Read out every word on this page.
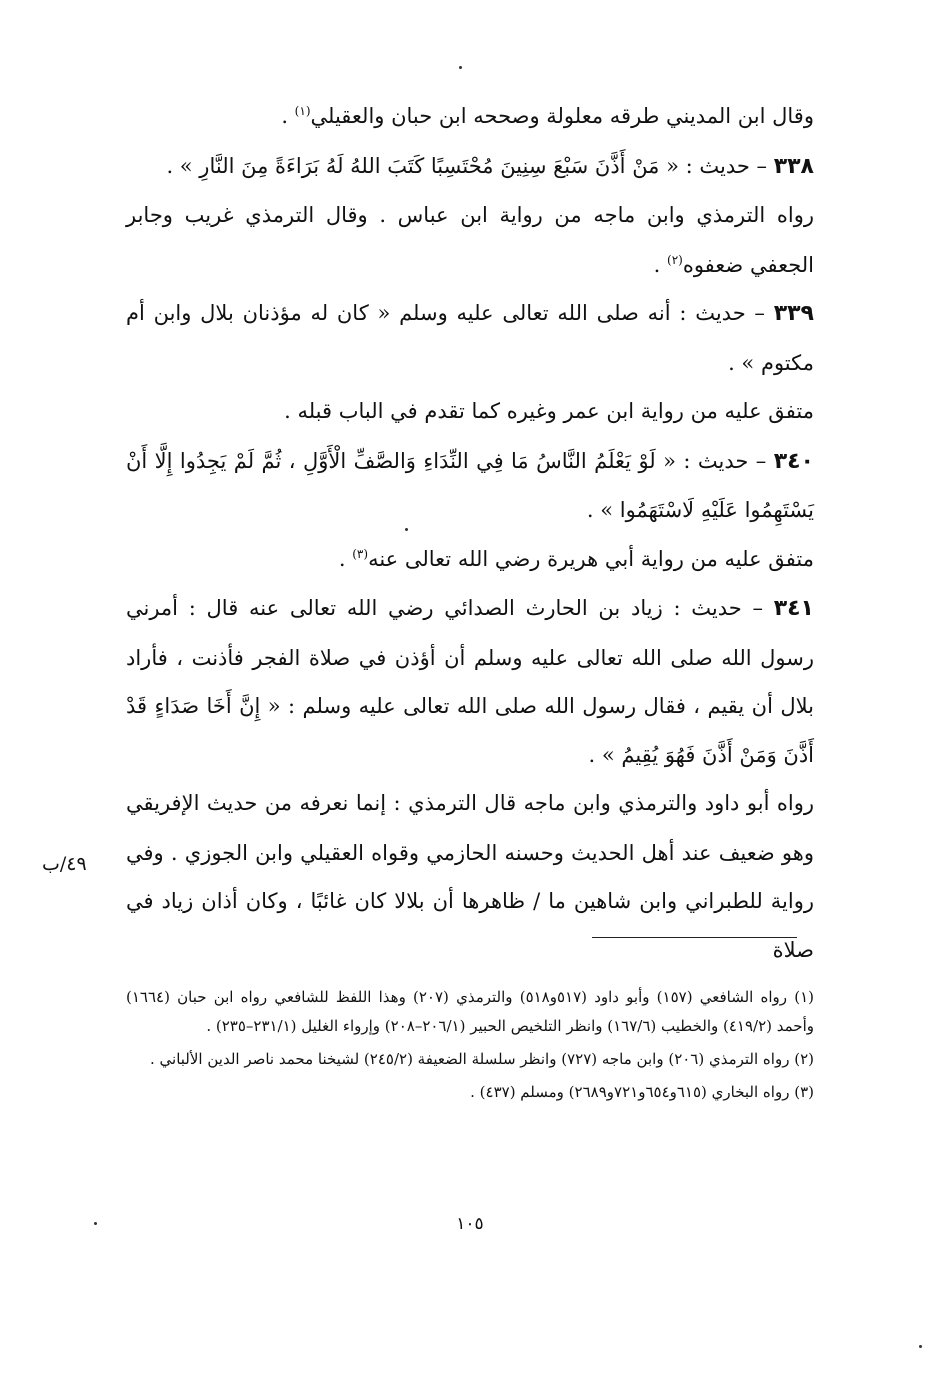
وقال ابن المديني طرقه معلولة وصححه ابن حبان والعقيلي$^{(١)}$ .

٣٣٨ – حديث : « مَنْ أَذَّنَ سَبْعَ سِنِينَ مُحْتَسِبًا كَتَبَ اللهُ لَهُ بَرَاءَةً مِنَ النَّارِ » .

رواه الترمذي وابن ماجه من رواية ابن عباس . وقال الترمذي غريب وجابر الجعفي ضعفوه$^{(٢)}$ .

٣٣٩ – حديث : أنه صلى الله تعالى عليه وسلم « كان له مؤذنان بلال وابن أم مكتوم » .

متفق عليه من رواية ابن عمر وغيره كما تقدم في الباب قبله .

٣٤٠ – حديث : « لَوْ يَعْلَمُ النَّاسُ مَا فِي النِّدَاءِ وَالصَّفِّ الْأَوَّلِ ، ثُمَّ لَمْ يَجِدُوا إِلَّا أَنْ يَسْتَهِمُوا عَلَيْهِ لَاسْتَهَمُوا » .

متفق عليه من رواية أبي هريرة رضي الله تعالى عنه$^{(٣)}$ .

٣٤١ – حديث : زياد بن الحارث الصدائي رضي الله تعالى عنه قال : أمرني رسول الله صلى الله تعالى عليه وسلم أن أؤذن في صلاة الفجر فأذنت ، فأراد بلال أن يقيم ، فقال رسول الله صلى الله تعالى عليه وسلم : « إِنَّ أَخَا صَدَاءٍ قَدْ أَذَّنَ وَمَنْ أَذَّنَ فَهُوَ يُقِيمُ » .

رواه أبو داود والترمذي وابن ماجه قال الترمذي : إنما نعرفه من حديث الإفريقي وهو ضعيف عند أهل الحديث وحسنه الحازمي وقواه العقيلي وابن الجوزي . وفي رواية للطبراني وابن شاهين ما / ظاهرها أن بلالا كان غائبًا ، وكان أذان زياد في صلاة

٤٩/ب

(١) رواه الشافعي (١٥٧) وأبو داود (٥١٧و٥١٨) والترمذي (٢٠٧) وهذا اللفظ للشافعي رواه ابن حبان (١٦٦٤) وأحمد (٤١٩/٢) والخطيب (١٦٧/٦) وانظر التلخيص الحبير (٢٠٦/١–٢٠٨) وإرواء الغليل (٢٣١/١–٢٣٥) .

(٢) رواه الترمذي (٢٠٦) وابن ماجه (٧٢٧) وانظر سلسلة الضعيفة (٢٤٥/٢) لشيخنا محمد ناصر الدين الألباني .

(٣) رواه البخاري (٦١٥و٦٥٤و٧٢١و٢٦٨٩) ومسلم (٤٣٧) .

١٠٥
